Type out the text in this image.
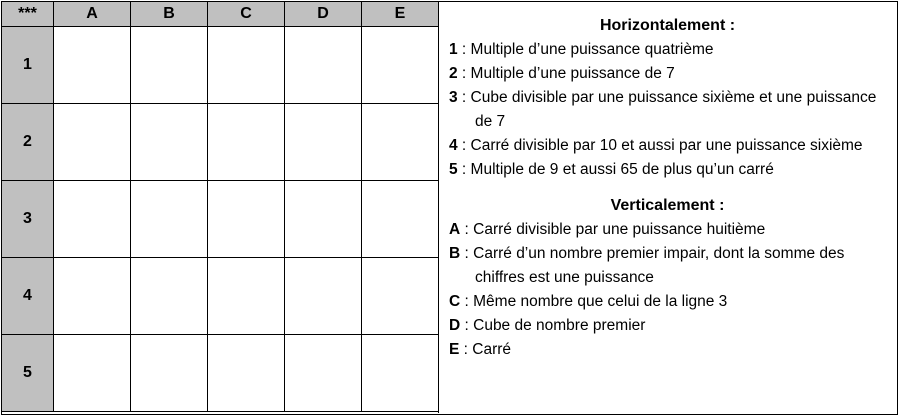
***	A	B	C	D	E
1					
2					
3					
4					
5					
Horizontalement :
1 : Multiple d’une puissance quatrième
2 : Multiple d’une puissance de 7
3 : Cube divisible par une puissance sixième et une puissance de 7
4 : Carré divisible par 10 et aussi par une puissance sixième
5 : Multiple de 9 et aussi 65 de plus qu’un carré
Verticalement :
A : Carré divisible par une puissance huitième
B : Carré d’un nombre premier impair, dont la somme des chiffres est une puissance
C : Même nombre que celui de la ligne 3
D : Cube de nombre premier
E : Carré
